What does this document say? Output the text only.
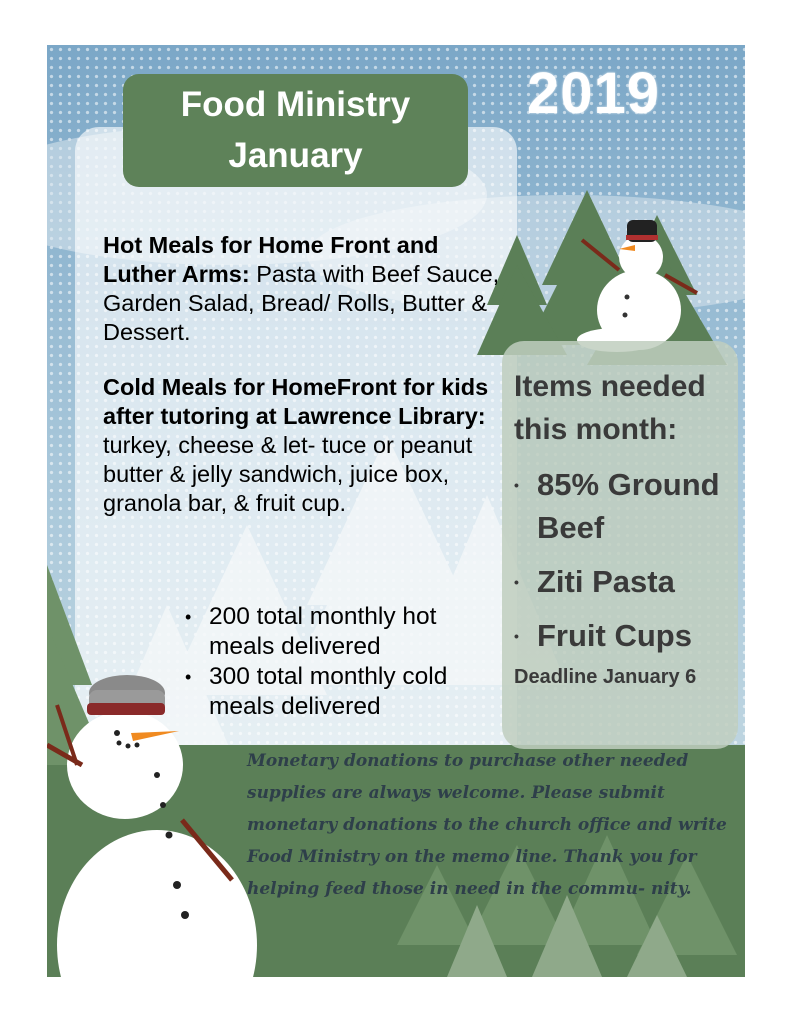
Food Ministry
January
2019

Hot Meals for Home Front and Luther Arms: Pasta with Beef Sauce, Garden Salad, Bread/ Rolls, Butter & Dessert.

Cold Meals for HomeFront for kids after tutoring at Lawrence Library: turkey, cheese & let- tuce or peanut butter & jelly sandwich, juice box, granola bar, & fruit cup.

• 200 total monthly hot meals delivered
• 300 total monthly cold meals delivered
Items needed this month:
• 85% Ground Beef
• Ziti Pasta
• Fruit Cups
Deadline January 6
Monetary donations to purchase other needed supplies are always welcome. Please submit monetary donations to the church office and write Food Ministry on the memo line. Thank you for helping feed those in need in the commu- nity.
